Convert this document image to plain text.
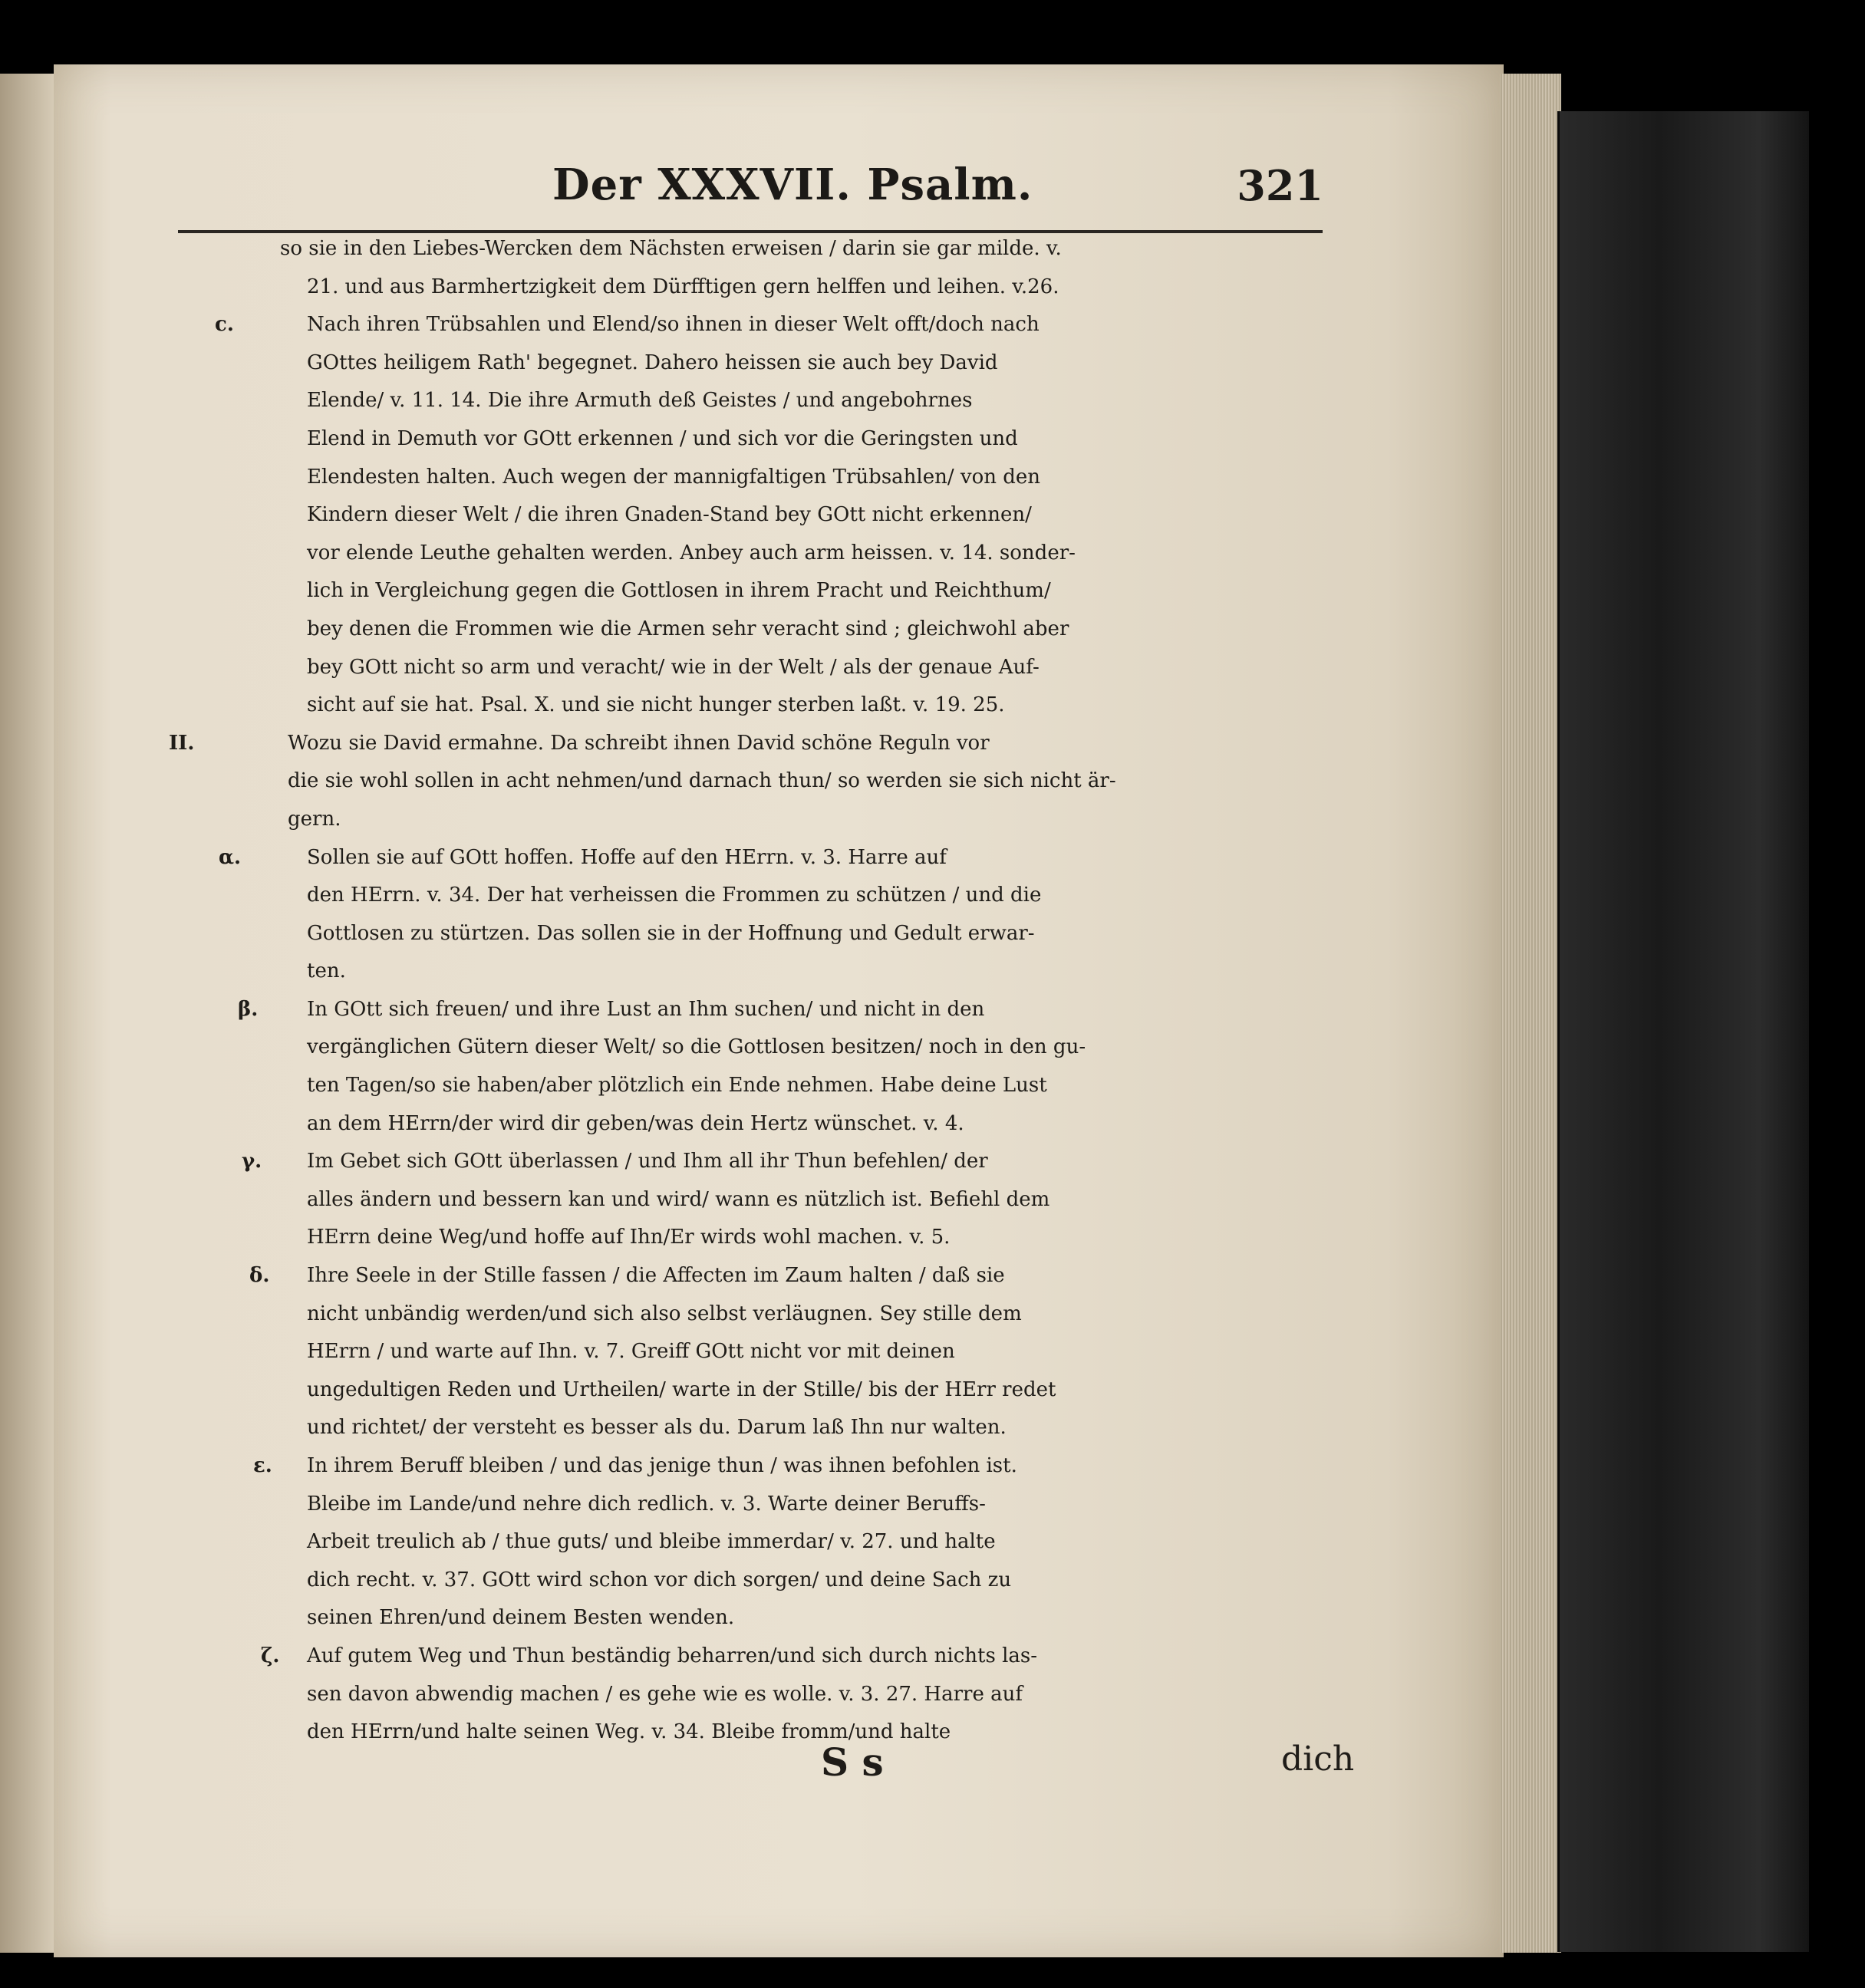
Der XXXVII. Psalm.	321
so sie in den Liebes-Wercken dem Nächsten erweisen / darin sie gar milde. v.
21. und aus Barmhertzigkeit dem Dürfftigen gern helffen und leihen. v.26.
c.	Nach ihren Trübsahlen und Elend/so ihnen in dieser Welt offt/doch nach
GOttes heiligem Rath' begegnet. Dahero heissen sie auch bey David
Elende/ v. 11. 14. Die ihre Armuth deß Geistes / und angebohrnes
Elend in Demuth vor GOtt erkennen / und sich vor die Geringsten und
Elendesten halten. Auch wegen der mannigfaltigen Trübsahlen/ von den
Kindern dieser Welt / die ihren Gnaden-Stand bey GOtt nicht erkennen/
vor elende Leuthe gehalten werden. Anbey auch arm heissen. v. 14. sonder-
lich in Vergleichung gegen die Gottlosen in ihrem Pracht und Reichthum/
bey denen die Frommen wie die Armen sehr veracht sind ; gleichwohl aber
bey GOtt nicht so arm und veracht/ wie in der Welt / als der genaue Auf-
sicht auf sie hat. Psal. X. und sie nicht hunger sterben laßt. v. 19. 25.
II.	Wozu sie David ermahne. Da schreibt ihnen David schöne Reguln vor
die sie wohl sollen in acht nehmen/und darnach thun/ so werden sie sich nicht är-
gern.
α.	Sollen sie auf GOtt hoffen. Hoffe auf den HErrn. v. 3. Harre auf
den HErrn. v. 34. Der hat verheissen die Frommen zu schützen / und die
Gottlosen zu stürtzen. Das sollen sie in der Hoffnung und Gedult erwar-
ten.
β. In GOtt sich freuen/ und ihre Lust an Ihm suchen/ und nicht in den
vergänglichen Gütern dieser Welt/ so die Gottlosen besitzen/ noch in den gu-
ten Tagen/so sie haben/aber plötzlich ein Ende nehmen. Habe deine Lust
an dem HErrn/der wird dir geben/was dein Hertz wünschet. v. 4.
γ. Im Gebet sich GOtt überlassen / und Ihm all ihr Thun befehlen/ der
alles ändern und bessern kan und wird/ wann es nützlich ist. Befiehl dem
HErrn deine Weg/und hoffe auf Ihn/Er wirds wohl machen. v. 5.
δ. Ihre Seele in der Stille fassen / die Affecten im Zaum halten / daß sie
nicht unbändig werden/und sich also selbst verläugnen. Sey stille dem
HErrn / und warte auf Ihn. v. 7. Greiff GOtt nicht vor mit deinen
ungedultigen Reden und Urtheilen/ warte in der Stille/ bis der HErr redet
und richtet/ der versteht es besser als du. Darum laß Ihn nur walten.
ε. In ihrem Beruff bleiben / und das jenige thun / was ihnen befohlen ist.
Bleibe im Lande/und nehre dich redlich. v. 3. Warte deiner Beruffs-
Arbeit treulich ab / thue guts/ und bleibe immerdar/ v. 27. und halte
dich recht. v. 37. GOtt wird schon vor dich sorgen/ und deine Sach zu
seinen Ehren/und deinem Besten wenden.
ζ. Auf gutem Weg und Thun beständig beharren/und sich durch nichts las-
sen davon abwendig machen / es gehe wie es wolle. v. 3. 27. Harre auf
den HErrn/und halte seinen Weg. v. 34. Bleibe fromm/und halte
S s	dich
